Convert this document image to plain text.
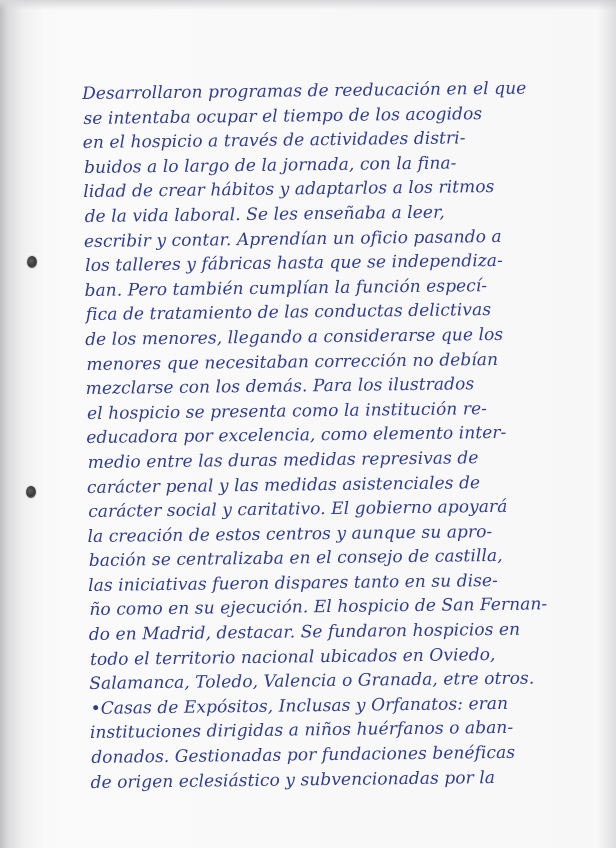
Desarrollaron programas de reeducación en el que
se intentaba ocupar el tiempo de los acogidos
en el hospicio a través de actividades distri-
buidos a lo largo de la jornada, con la fina-
lidad de crear hábitos y adaptarlos a los ritmos
de la vida laboral. Se les enseñaba a leer,
escribir y contar. Aprendían un oficio pasando a
los talleres y fábricas hasta que se independiza-
ban. Pero también cumplían la función especí-
fica de tratamiento de las conductas delictivas
de los menores, llegando a considerarse que los
menores que necesitaban corrección no debían
mezclarse con los demás. Para los ilustrados
el hospicio se presenta como la institución re-
educadora por excelencia, como elemento inter-
medio entre las duras medidas represivas de
carácter penal y las medidas asistenciales de
carácter social y caritativo. El gobierno apoyará
la creación de estos centros y aunque su apro-
bación se centralizaba en el consejo de castilla,
las iniciativas fueron dispares tanto en su dise-
ño como en su ejecución. El hospicio de San Fernan-
do en Madrid, destacar. Se fundaron hospicios en
todo el territorio nacional ubicados en Oviedo,
Salamanca, Toledo, Valencia o Granada, etre otros.
•Casas de Expósitos, Inclusas y Orfanatos: eran
instituciones dirigidas a niños huérfanos o aban-
donados. Gestionadas por fundaciones benéficas
de origen eclesiástico y subvencionadas por la
